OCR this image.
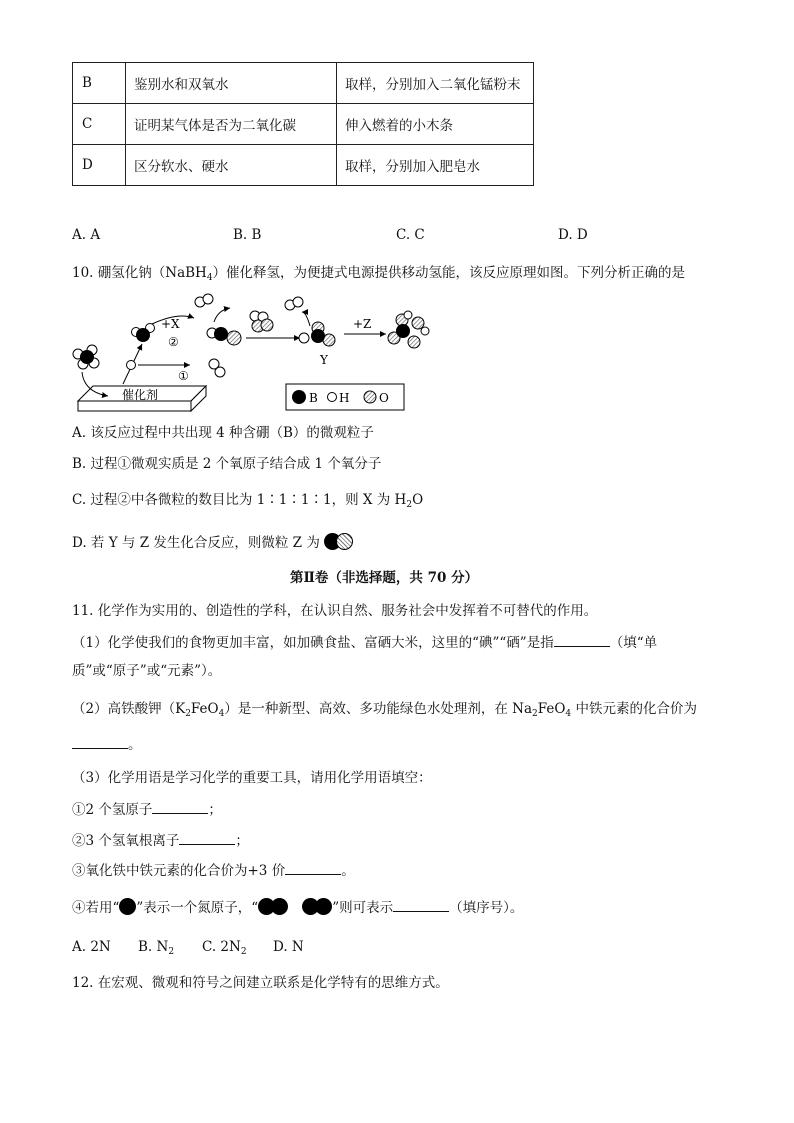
B	鉴别水和双氧水	取样，分别加入二氧化锰粉末
C	证明某气体是否为二氧化碳	伸入燃着的小木条
D	区分软水、硬水	取样，分别加入肥皂水
A. A	B. B	C. C	D. D
10. 硼氢化钠（NaBH$_4$）催化释氢，为便捷式电源提供移动氢能，该反应原理如图。下列分析正确的是
催化剂
①
+X
②
Y
+Z
B H O
A. 该反应过程中共出现 4 种含硼（B）的微观粒子
B. 过程①微观实质是 2 个氧原子结合成 1 个氧分子
C. 过程②中各微粒的数目比为 1∶1∶1∶1，则 X 为 $H_2O$
D. 若 Y 与 Z 发生化合反应，则微粒 Z 为
第Ⅱ卷（非选择题，共 70 分）
11. 化学作为实用的、创造性的学科，在认识自然、服务社会中发挥着不可替代的作用。
（1）化学使我们的食物更加丰富，如加碘食盐、富硒大米，这里的“碘”“硒”是指	（填“单
质”或“原子”或“元素”）。
（2）高铁酸钾$(K_2FeO_4)$是一种新型、高效、多功能绿色水处理剂，在 $Na_2FeO_4$ 中铁元素的化合价为
。
（3）化学用语是学习化学的重要工具，请用化学用语填空：
①2 个氢原子	；
②3 个氢氧根离子	；
③氧化铁中铁元素的化合价为+3 价	。
④若用“ ”表示一个氮原子，“	”则可表示	（填序号）。
A. 2N B. $N_2$ C. $2N_2$ D. N
12. 在宏观、微观和符号之间建立联系是化学特有的思维方式。
